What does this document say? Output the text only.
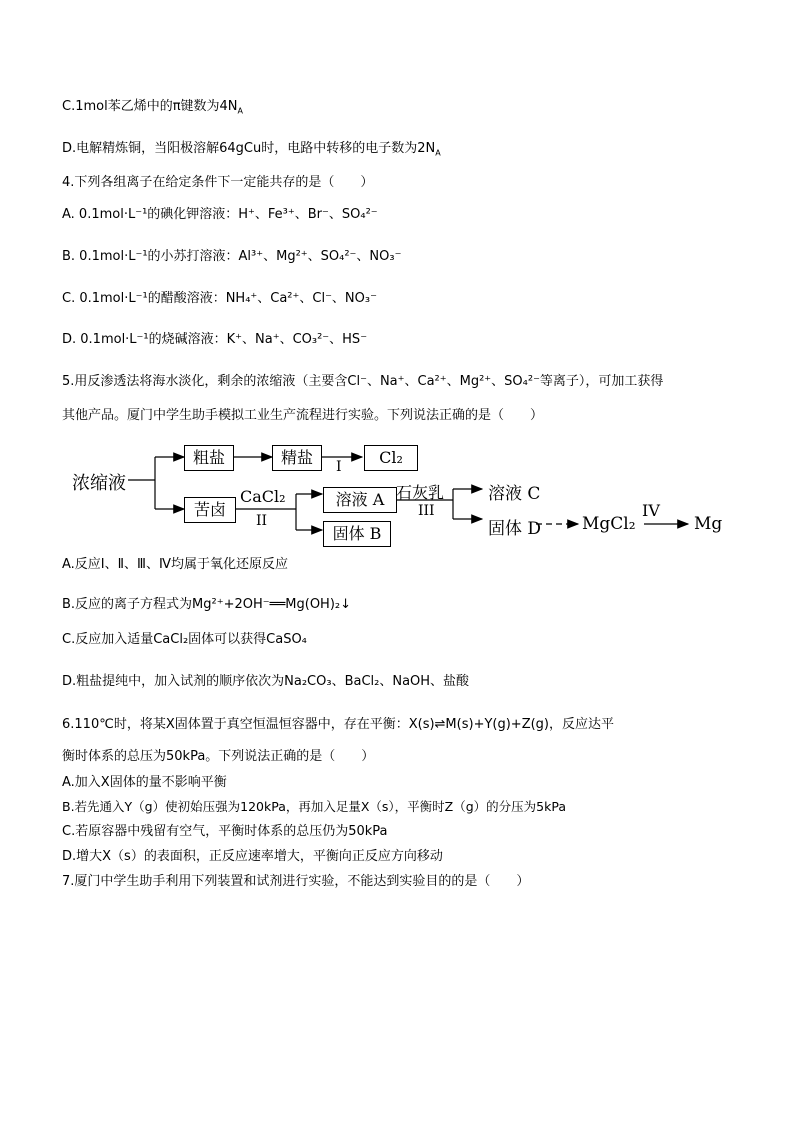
C.1mol苯乙烯中的π键数为$4N_A$
D.电解精炼铜，当阳极溶解64gCu时，电路中转移的电子数为$2N_A$
4.下列各组离子在给定条件下一定能共存的是（　　）
A. 0.1mol·L⁻¹的碘化钾溶液：H⁺、Fe³⁺、Br⁻、SO₄²⁻
B. 0.1mol·L⁻¹的小苏打溶液：Al³⁺、Mg²⁺、SO₄²⁻、NO₃⁻
C. 0.1mol·L⁻¹的醋酸溶液：NH₄⁺、Ca²⁺、Cl⁻、NO₃⁻
D. 0.1mol·L⁻¹的烧碱溶液：K⁺、Na⁺、CO₃²⁻、HS⁻
5.用反渗透法将海水淡化，剩余的浓缩液（主要含Cl⁻、Na⁺、Ca²⁺、Mg²⁺、SO₄²⁻等离子），可加工获得
其他产品。厦门中学生助手模拟工业生产流程进行实验。下列说法正确的是（　　）
浓缩液
粗盐	精盐	I	Cl₂
苦卤
CaCl₂
II
溶液 A
固体 B
石灰乳
III
溶液 C
固体 D MgCl₂
IV
Mg
A.反应Ⅰ、Ⅱ、Ⅲ、Ⅳ均属于氧化还原反应
B.反应的离子方程式为Mg²⁺+2OH⁻══Mg(OH)₂↓
C.反应加入适量CaCl₂固体可以获得CaSO₄
D.粗盐提纯中，加入试剂的顺序依次为Na₂CO₃、BaCl₂、NaOH、盐酸
6.110℃时，将某X固体置于真空恒温恒容器中，存在平衡：X(s)⇌M(s)+Y(g)+Z(g)，反应达平
衡时体系的总压为50kPa。下列说法正确的是（　　）
A.加入X固体的量不影响平衡
B.若先通入Y（g）使初始压强为120kPa，再加入足量X（s），平衡时Z（g）的分压为5kPa
C.若原容器中残留有空气，平衡时体系的总压仍为50kPa
D.增大X（s）的表面积，正反应速率增大，平衡向正反应方向移动
7.厦门中学生助手利用下列装置和试剂进行实验，不能达到实验目的的是（　　）
